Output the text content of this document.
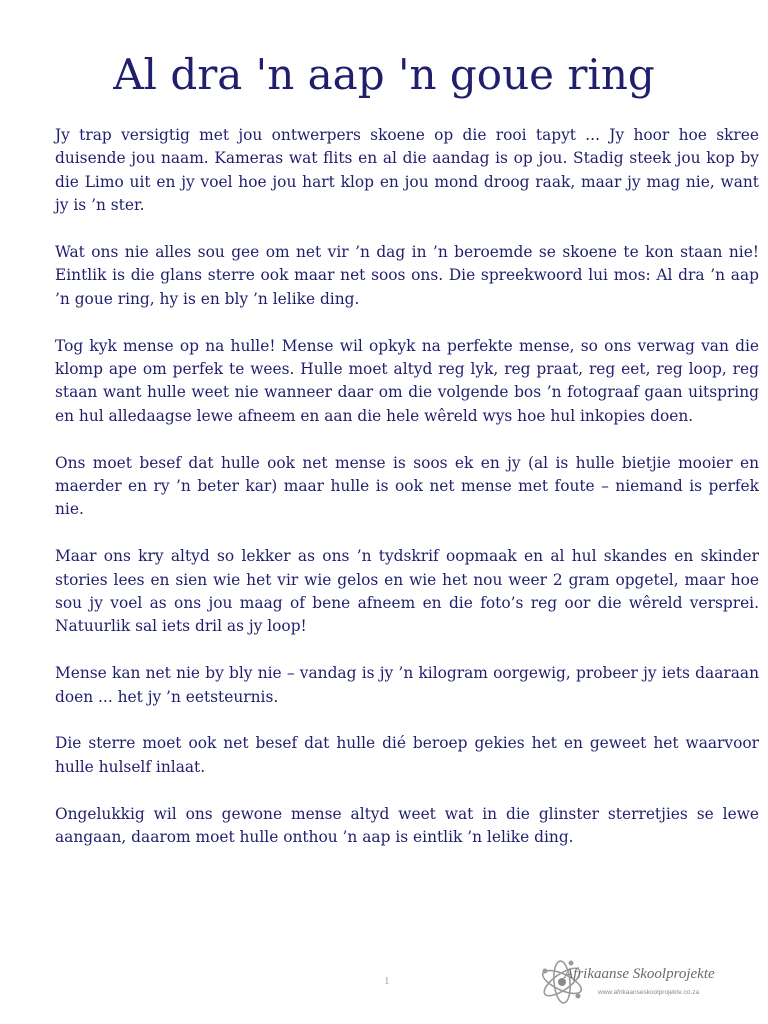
Al dra 'n aap 'n goue ring

Jy trap versigtig met jou ontwerpers skoene op die rooi tapyt ... Jy hoor hoe skree duisende jou naam. Kameras wat flits en al die aandag is op jou. Stadig steek jou kop by die Limo uit en jy voel hoe jou hart klop en jou mond droog raak, maar jy mag nie, want jy is ’n ster.

Wat ons nie alles sou gee om net vir ’n dag in ’n beroemde se skoene te kon staan nie! Eintlik is die glans sterre ook maar net soos ons. Die spreekwoord lui mos: Al dra ’n aap ’n goue ring, hy is en bly ’n lelike ding.

Tog kyk mense op na hulle! Mense wil opkyk na perfekte mense, so ons verwag van die klomp ape om perfek te wees. Hulle moet altyd reg lyk, reg praat, reg eet, reg loop, reg staan want hulle weet nie wanneer daar om die volgende bos ’n fotograaf gaan uitspring en hul alledaagse lewe afneem en aan die hele wêreld wys hoe hul inkopies doen.

Ons moet besef dat hulle ook net mense is soos ek en jy (al is hulle bietjie mooier en maerder en ry ’n beter kar) maar hulle is ook net mense met foute – niemand is perfek nie.

Maar ons kry altyd so lekker as ons ’n tydskrif oopmaak en al hul skandes en skinder stories lees en sien wie het vir wie gelos en wie het nou weer 2 gram opgetel, maar hoe sou jy voel as ons jou maag of bene afneem en die foto’s reg oor die wêreld versprei. Natuurlik sal iets dril as jy loop!

Mense kan net nie by bly nie – vandag is jy ’n kilogram oorgewig, probeer jy iets daaraan doen ... het jy ’n eetsteurnis.

Die sterre moet ook net besef dat hulle dié beroep gekies het en geweet het waarvoor hulle hulself inlaat.

Ongelukkig wil ons gewone mense altyd weet wat in die glinster sterretjies se lewe aangaan, daarom moet hulle onthou ’n aap is eintlik ’n lelike ding.

1	Afrikaanse Skoolprojekte
www.afrikaanseskoolprojekte.co.za
